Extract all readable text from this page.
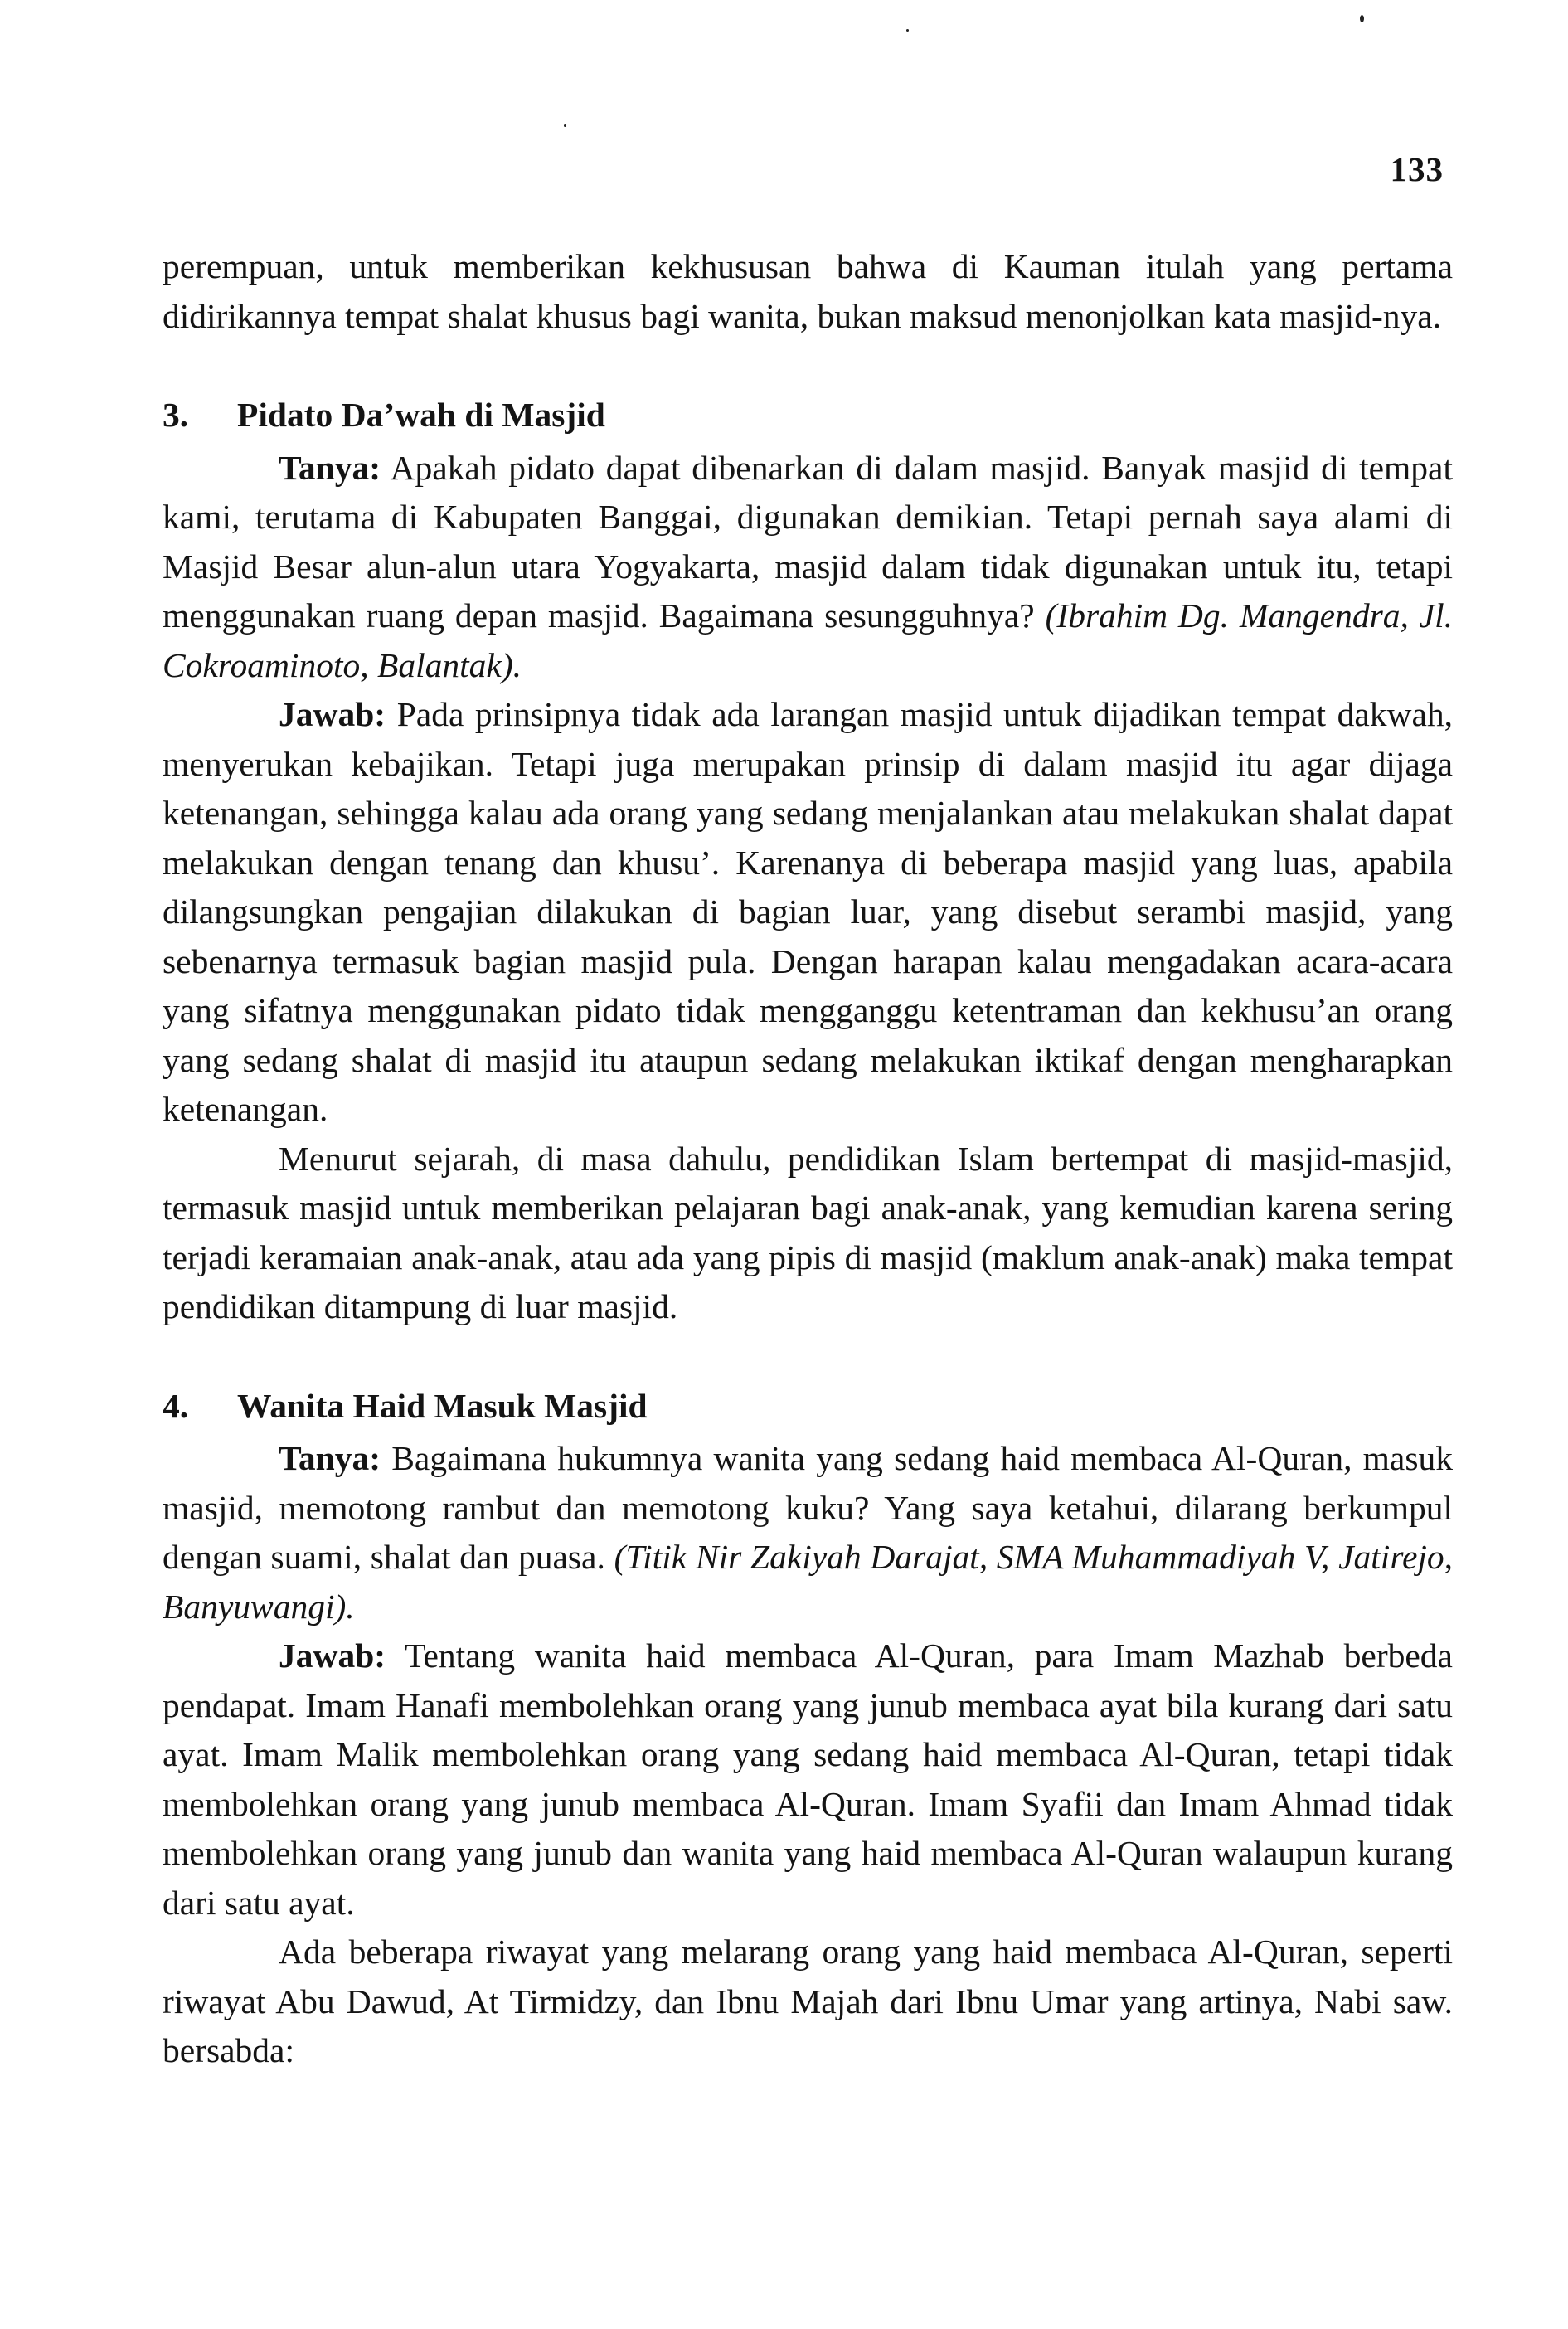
133

perempuan, untuk memberikan kekhususan bahwa di Kauman itulah yang pertama didirikannya tempat shalat khusus bagi wanita, bukan maksud menonjolkan kata masjid-nya.

3.	Pidato Da’wah di Masjid

Tanya: Apakah pidato dapat dibenarkan di dalam masjid. Banyak masjid di tempat kami, terutama di Kabupaten Banggai, digunakan demikian. Tetapi pernah saya alami di Masjid Besar alun-alun utara Yogyakarta, masjid dalam tidak digunakan untuk itu, tetapi menggunakan ruang depan masjid. Bagaimana sesungguhnya? (Ibrahim Dg. Mangendra, Jl. Cokroaminoto, Balantak).

Jawab: Pada prinsipnya tidak ada larangan masjid untuk dijadikan tempat dakwah, menyerukan kebajikan. Tetapi juga merupakan prinsip di dalam masjid itu agar dijaga ketenangan, sehingga kalau ada orang yang sedang menjalankan atau melakukan shalat dapat melakukan dengan tenang dan khusu’. Karenanya di beberapa masjid yang luas, apabila dilangsungkan pengajian dilakukan di bagian luar, yang disebut serambi masjid, yang sebenarnya termasuk bagian masjid pula. Dengan harapan kalau mengadakan acara-acara yang sifatnya menggunakan pidato tidak mengganggu ketentraman dan kekhusu’an orang yang sedang shalat di masjid itu ataupun sedang melakukan iktikaf dengan mengharapkan ketenangan.

Menurut sejarah, di masa dahulu, pendidikan Islam bertempat di masjid-masjid, termasuk masjid untuk memberikan pelajaran bagi anak-anak, yang kemudian karena sering terjadi keramaian anak-anak, atau ada yang pipis di masjid (maklum anak-anak) maka tempat pendidikan ditampung di luar masjid.

4.	Wanita Haid Masuk Masjid

Tanya: Bagaimana hukumnya wanita yang sedang haid membaca Al-Quran, masuk masjid, memotong rambut dan memotong kuku? Yang saya ketahui, dilarang berkumpul dengan suami, shalat dan puasa. (Titik Nir Zakiyah Darajat, SMA Muhammadiyah V, Jatirejo, Banyuwangi).

Jawab: Tentang wanita haid membaca Al-Quran, para Imam Mazhab berbeda pendapat. Imam Hanafi membolehkan orang yang junub membaca ayat bila kurang dari satu ayat. Imam Malik membolehkan orang yang sedang haid membaca Al-Quran, tetapi tidak membolehkan orang yang junub membaca Al-Quran. Imam Syafii dan Imam Ahmad tidak membolehkan orang yang junub dan wanita yang haid membaca Al-Quran walaupun kurang dari satu ayat.

Ada beberapa riwayat yang melarang orang yang haid membaca Al-Quran, seperti riwayat Abu Dawud, At Tirmidzy, dan Ibnu Majah dari Ibnu Umar yang artinya, Nabi saw. bersabda:
